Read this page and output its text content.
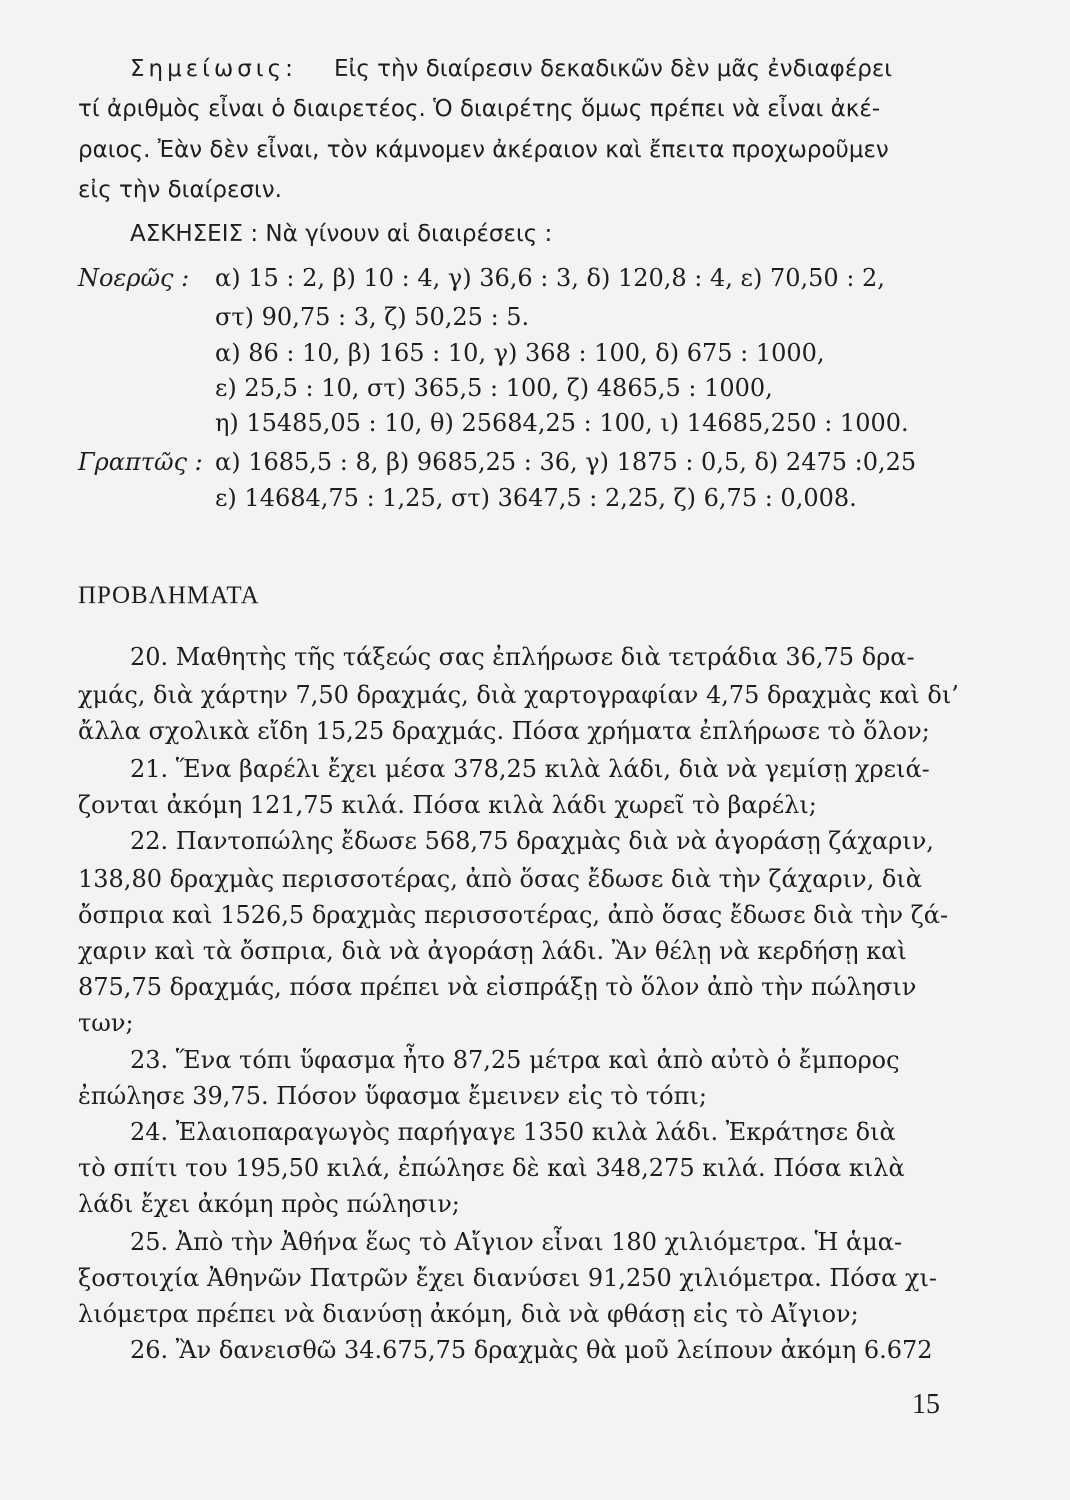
Σημείωσις: Εἰς τὴν διαίρεσιν δεκαδικῶν δὲν μᾶς ἐνδιαφέρει
τί ἀριθμὸς εἶναι ὁ διαιρετέος. Ὁ διαιρέτης ὅμως πρέπει νὰ εἶναι ἀκέ-
ραιος. Ἐὰν δὲν εἶναι, τὸν κάμνομεν ἀκέραιον καὶ ἔπειτα προχωροῦμεν
εἰς τὴν διαίρεσιν.
ΑΣΚΗΣΕΙΣ : Νὰ γίνουν αἱ διαιρέσεις :
Νοερῶς : α) 15 : 2, β) 10 : 4, γ) 36,6 : 3, δ) 120,8 : 4, ε) 70,50 : 2,
στ) 90,75 : 3, ζ) 50,25 : 5.
α) 86 : 10, β) 165 : 10, γ) 368 : 100, δ) 675 : 1000,
ε) 25,5 : 10, στ) 365,5 : 100, ζ) 4865,5 : 1000,
η) 15485,05 : 10, θ) 25684,25 : 100, ι) 14685,250 : 1000.
Γραπτῶς : α) 1685,5 : 8, β) 9685,25 : 36, γ) 1875 : 0,5, δ) 2475 :0,25
ε) 14684,75 : 1,25, στ) 3647,5 : 2,25, ζ) 6,75 : 0,008.
ΠΡΟΒΛΗΜΑΤΑ
20. Μαθητὴς τῆς τάξεώς σας ἐπλήρωσε διὰ τετράδια 36,75 δρα-
χμάς, διὰ χάρτην 7,50 δραχμάς, διὰ χαρτογραφίαν 4,75 δραχμὰς καὶ δι’
ἄλλα σχολικὰ εἴδη 15,25 δραχμάς. Πόσα χρήματα ἐπλήρωσε τὸ ὅλον;
21. Ἕνα βαρέλι ἔχει μέσα 378,25 κιλὰ λάδι, διὰ νὰ γεμίσῃ χρειά-
ζονται ἀκόμη 121,75 κιλά. Πόσα κιλὰ λάδι χωρεῖ τὸ βαρέλι;
22. Παντοπώλης ἔδωσε 568,75 δραχμὰς διὰ νὰ ἀγοράσῃ ζάχαριν,
138,80 δραχμὰς περισσοτέρας, ἀπὸ ὅσας ἔδωσε διὰ τὴν ζάχαριν, διὰ
ὄσπρια καὶ 1526,5 δραχμὰς περισσοτέρας, ἀπὸ ὅσας ἔδωσε διὰ τὴν ζά-
χαριν καὶ τὰ ὄσπρια, διὰ νὰ ἀγοράσῃ λάδι. Ἂν θέλῃ νὰ κερδήσῃ καὶ
875,75 δραχμάς, πόσα πρέπει νὰ εἰσπράξῃ τὸ ὅλον ἀπὸ τὴν πώλησιν
των;
23. Ἕνα τόπι ὕφασμα ἦτο 87,25 μέτρα καὶ ἀπὸ αὐτὸ ὁ ἔμπορος
ἐπώλησε 39,75. Πόσον ὕφασμα ἔμεινεν εἰς τὸ τόπι;
24. Ἐλαιοπαραγωγὸς παρήγαγε 1350 κιλὰ λάδι. Ἐκράτησε διὰ
τὸ σπίτι του 195,50 κιλά, ἐπώλησε δὲ καὶ 348,275 κιλά. Πόσα κιλὰ
λάδι ἔχει ἀκόμη πρὸς πώλησιν;
25. Ἀπὸ τὴν Ἀθήνα ἕως τὸ Αἴγιον εἶναι 180 χιλιόμετρα. Ἡ ἁμα-
ξοστοιχία Ἀθηνῶν Πατρῶν ἔχει διανύσει 91,250 χιλιόμετρα. Πόσα χι-
λιόμετρα πρέπει νὰ διανύσῃ ἀκόμη, διὰ νὰ φθάσῃ εἰς τὸ Αἴγιον;
26. Ἂν δανεισθῶ 34.675,75 δραχμὰς θὰ μοῦ λείπουν ἀκόμη 6.672
15
